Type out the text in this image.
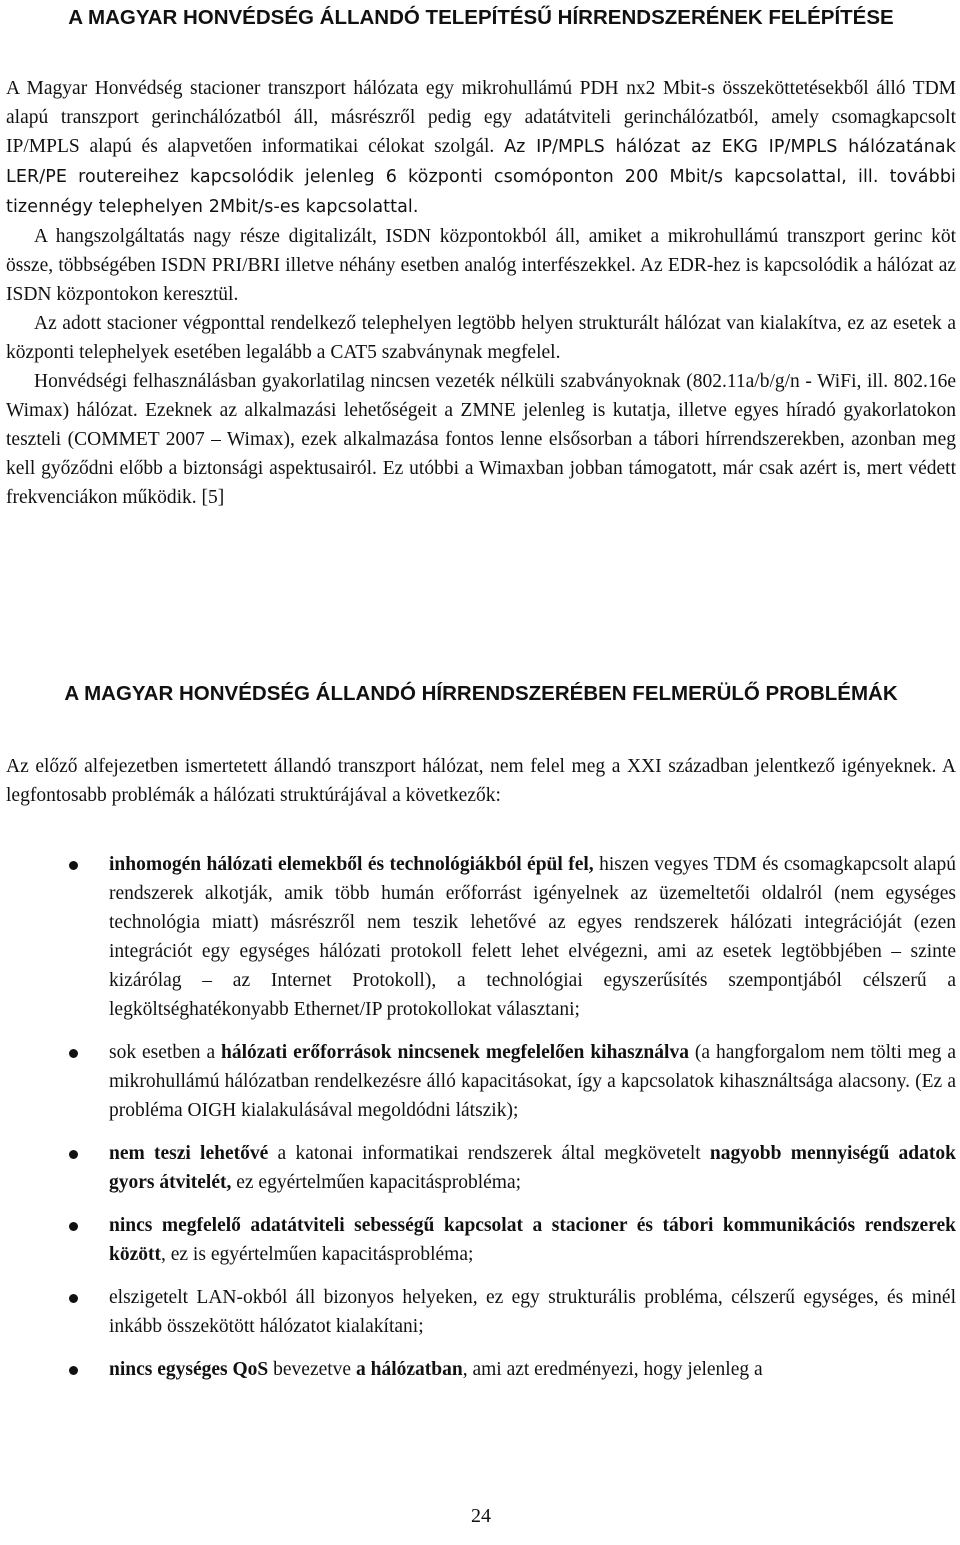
A MAGYAR HONVÉDSÉG ÁLLANDÓ TELEPÍTÉSŰ HÍRRENDSZERÉNEK FELÉPÍTÉSE

A Magyar Honvédség stacioner transzport hálózata egy mikrohullámú PDH nx2 Mbit-s összeköttetésekből álló TDM alapú transzport gerinchálózatból áll, másrészről pedig egy adatátviteli gerinchálózatból, amely csomagkapcsolt IP/MPLS alapú és alapvetően informatikai célokat szolgál. Az IP/MPLS hálózat az EKG IP/MPLS hálózatának LER/PE routereihez kapcsolódik jelenleg 6 központi csomóponton 200 Mbit/s kapcsolattal, ill. további tizennégy telephelyen 2Mbit/s-es kapcsolattal.

A hangszolgáltatás nagy része digitalizált, ISDN központokból áll, amiket a mikrohullámú transzport gerinc köt össze, többségében ISDN PRI/BRI illetve néhány esetben analóg interfészekkel. Az EDR-hez is kapcsolódik a hálózat az ISDN központokon keresztül.

Az adott stacioner végponttal rendelkező telephelyen legtöbb helyen strukturált hálózat van kialakítva, ez az esetek a központi telephelyek esetében legalább a CAT5 szabványnak megfelel.

Honvédségi felhasználásban gyakorlatilag nincsen vezeték nélküli szabványoknak (802.11a/b/g/n - WiFi, ill. 802.16e Wimax) hálózat. Ezeknek az alkalmazási lehetőségeit a ZMNE jelenleg is kutatja, illetve egyes híradó gyakorlatokon teszteli (COMMET 2007 – Wimax), ezek alkalmazása fontos lenne elsősorban a tábori hírrendszerekben, azonban meg kell győződni előbb a biztonsági aspektusairól. Ez utóbbi a Wimaxban jobban támogatott, már csak azért is, mert védett frekvenciákon működik. [5]

A MAGYAR HONVÉDSÉG ÁLLANDÓ HÍRRENDSZERÉBEN FELMERÜLŐ PROBLÉMÁK

Az előző alfejezetben ismertetett állandó transzport hálózat, nem felel meg a XXI században jelentkező igényeknek. A legfontosabb problémák a hálózati struktúrájával a következők:

inhomogén hálózati elemekből és technológiákból épül fel, hiszen vegyes TDM és csomagkapcsolt alapú rendszerek alkotják, amik több humán erőforrást igényelnek az üzemeltetői oldalról (nem egységes technológia miatt) másrészről nem teszik lehetővé az egyes rendszerek hálózati integrációját (ezen integrációt egy egységes hálózati protokoll felett lehet elvégezni, ami az esetek legtöbbjében – szinte kizárólag – az Internet Protokoll), a technológiai egyszerűsítés szempontjából célszerű a legköltséghatékonyabb Ethernet/IP protokollokat választani;

sok esetben a hálózati erőforrások nincsenek megfelelően kihasználva (a hangforgalom nem tölti meg a mikrohullámú hálózatban rendelkezésre álló kapacitásokat, így a kapcsolatok kihasználtsága alacsony. (Ez a probléma OIGH kialakulásával megoldódni látszik);

nem teszi lehetővé a katonai informatikai rendszerek által megkövetelt nagyobb mennyiségű adatok gyors átvitelét, ez egyértelműen kapacitásprobléma;

nincs megfelelő adatátviteli sebességű kapcsolat a stacioner és tábori kommunikációs rendszerek között, ez is egyértelműen kapacitásprobléma;

elszigetelt LAN-okból áll bizonyos helyeken, ez egy strukturális probléma, célszerű egységes, és minél inkább összekötött hálózatot kialakítani;

nincs egységes QoS bevezetve a hálózatban, ami azt eredményezi, hogy jelenleg a

24
